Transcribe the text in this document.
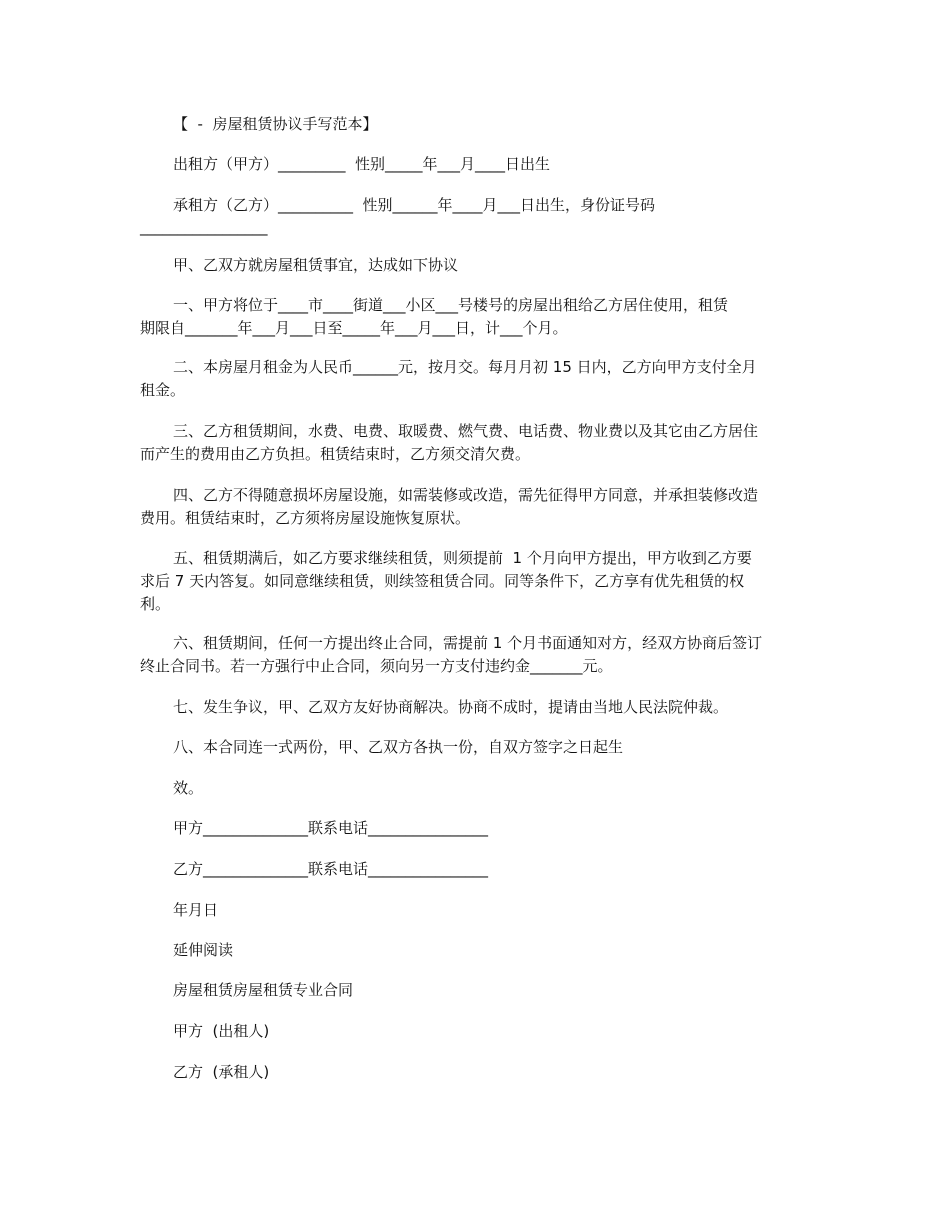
【  -  房屋租赁协议手写范本】
出租方（甲方）_________  性别_____年___月____日出生
承租方（乙方）__________  性别______年____月___日出生，身份证号码
_________________
甲、乙双方就房屋租赁事宜，达成如下协议
一、甲方将位于____市____街道___小区___号楼号的房屋出租给乙方居住使用，租赁
期限自_______年___月___日至_____年___月___日，计___个月。
二、本房屋月租金为人民币______元，按月交。每月月初 15 日内，乙方向甲方支付全月
租金。
三、乙方租赁期间，水费、电费、取暖费、燃气费、电话费、物业费以及其它由乙方居住
而产生的费用由乙方负担。租赁结束时，乙方须交清欠费。
四、乙方不得随意损坏房屋设施，如需装修或改造，需先征得甲方同意，并承担装修改造
费用。租赁结束时，乙方须将房屋设施恢复原状。
五、租赁期满后，如乙方要求继续租赁，则须提前  1 个月向甲方提出，甲方收到乙方要
求后 7 天内答复。如同意继续租赁，则续签租赁合同。同等条件下，乙方享有优先租赁的权
利。
六、租赁期间，任何一方提出终止合同，需提前 1 个月书面通知对方，经双方协商后签订
终止合同书。若一方强行中止合同，须向另一方支付违约金_______元。
七、发生争议，甲、乙双方友好协商解决。协商不成时，提请由当地人民法院仲裁。
八、本合同连一式两份，甲、乙双方各执一份，自双方签字之日起生
效。
甲方______________联系电话________________
乙方______________联系电话________________
年月日
延伸阅读
房屋租赁房屋租赁专业合同
甲方  (出租人)
乙方  (承租人)
